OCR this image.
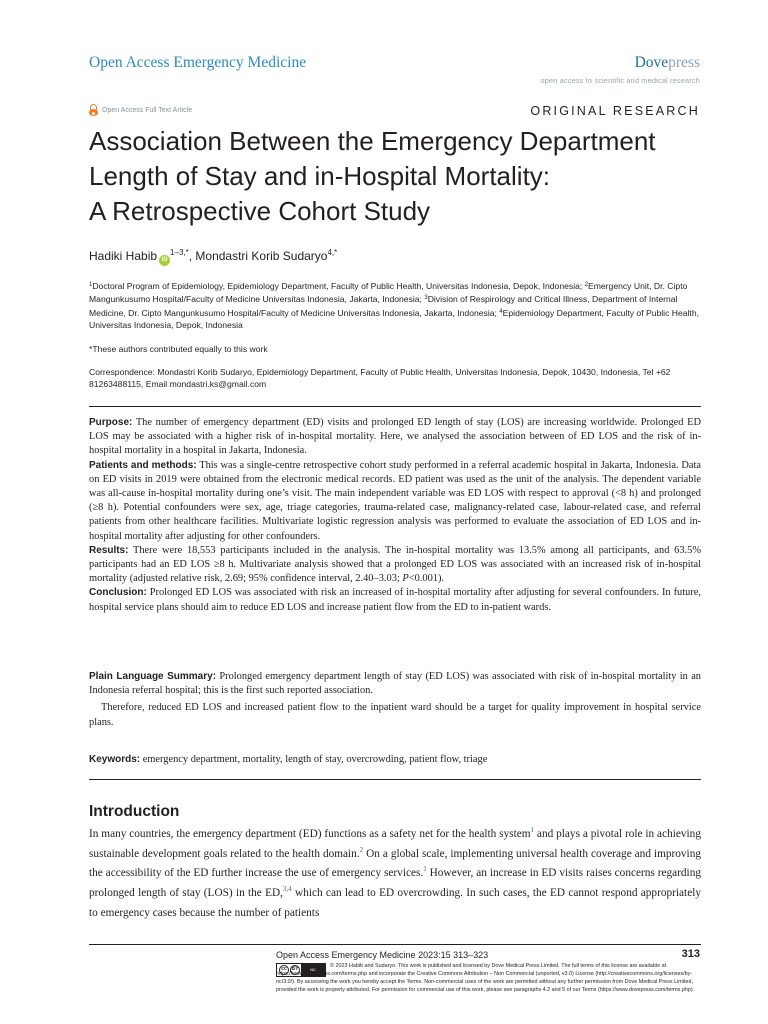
Open Access Emergency Medicine	Dovepress
open access to scientific and medical research
Open Access Full Text Article	ORIGINAL RESEARCH
Association Between the Emergency Department
Length of Stay and in-Hospital Mortality:
A Retrospective Cohort Study
Hadiki Habib $iD^{1-3,*}$, Mondastri Korib Sudaryo$^{4,*}$
$^1$Doctoral Program of Epidemiology, Epidemiology Department, Faculty of Public Health, Universitas Indonesia, Depok, Indonesia; $^2$Emergency Unit, Dr. Cipto Mangunkusumo Hospital/Faculty of Medicine Universitas Indonesia, Jakarta, Indonesia; $^3$Division of Respirology and Critical Illness, Department of Internal Medicine, Dr. Cipto Mangunkusumo Hospital/Faculty of Medicine Universitas Indonesia, Jakarta, Indonesia; $^4$Epidemiology Department, Faculty of Public Health, Universitas Indonesia, Depok, Indonesia
*These authors contributed equally to this work
Correspondence: Mondastri Korib Sudaryo, Epidemiology Department, Faculty of Public Health, Universitas Indonesia, Depok, 10430, Indonesia, Tel +62 81263488115, Email mondastri.ks@gmail.com

Purpose: The number of emergency department (ED) visits and prolonged ED length of stay (LOS) are increasing worldwide. Prolonged ED LOS may be associated with a higher risk of in-hospital mortality. Here, we analysed the association between of ED LOS and the risk of in-hospital mortality in a hospital in Jakarta, Indonesia.

Patients and methods: This was a single-centre retrospective cohort study performed in a referral academic hospital in Jakarta, Indonesia. Data on ED visits in 2019 were obtained from the electronic medical records. ED patient was used as the unit of the analysis. The dependent variable was all-cause in-hospital mortality during one’s visit. The main independent variable was ED LOS with respect to approval (<8 h) and prolonged (≥8 h). Potential confounders were sex, age, triage categories, trauma-related case, malignancy-related case, labour-related case, and referral patients from other healthcare facilities. Multivariate logistic regression analysis was performed to evaluate the association of ED LOS and in-hospital mortality after adjusting for other confounders.

Results: There were 18,553 participants included in the analysis. The in-hospital mortality was 13.5% among all participants, and 63.5% participants had an ED LOS ≥8 h. Multivariate analysis showed that a prolonged ED LOS was associated with an increased risk of in-hospital mortality (adjusted relative risk, 2.69; 95% confidence interval, 2.40–3.03; P<0.001).

Conclusion: Prolonged ED LOS was associated with risk an increased of in-hospital mortality after adjusting for several confounders. In future, hospital service plans should aim to reduce ED LOS and increase patient flow from the ED to in-patient wards.

Plain Language Summary: Prolonged emergency department length of stay (ED LOS) was associated with risk of in-hospital mortality in an Indonesia referral hospital; this is the first such reported association.

Therefore, reduced ED LOS and increased patient flow to the inpatient ward should be a target for quality improvement in hospital service plans.

Keywords: emergency department, mortality, length of stay, overcrowding, patient flow, triage
Introduction
In many countries, the emergency department (ED) functions as a safety net for the health system$^1$ and plays a pivotal role in achieving sustainable development goals related to the health domain.$^2$ On a global scale, implementing universal health coverage and improving the accessibility of the ED further increase the use of emergency services.$^1$ However, an increase in ED visits raises concerns regarding prolonged length of stay (LOS) in the ED,$^{3,4}$ which can lead to ED overcrowding. In such cases, the ED cannot respond appropriately to emergency cases because the number of patients
Open Access Emergency Medicine 2023:15 313–323	313
cc BY	NC
© 2023 Habib and Sudaryo. This work is published and licensed by Dove Medical Press Limited. The full terms of this license are available at https://www.dovepress.com/terms.php and incorporate the Creative Commons Attribution – Non Commercial (unported, v3.0) License (http://creativecommons.org/licenses/by-nc/3.0/). By accessing the work you hereby accept the Terms. Non-commercial uses of the work are permitted without any further permission from Dove Medical Press Limited, provided the work is properly attributed. For permission for commercial use of this work, please see paragraphs 4.2 and 5 of our Terms (https://www.dovepress.com/terms.php).
